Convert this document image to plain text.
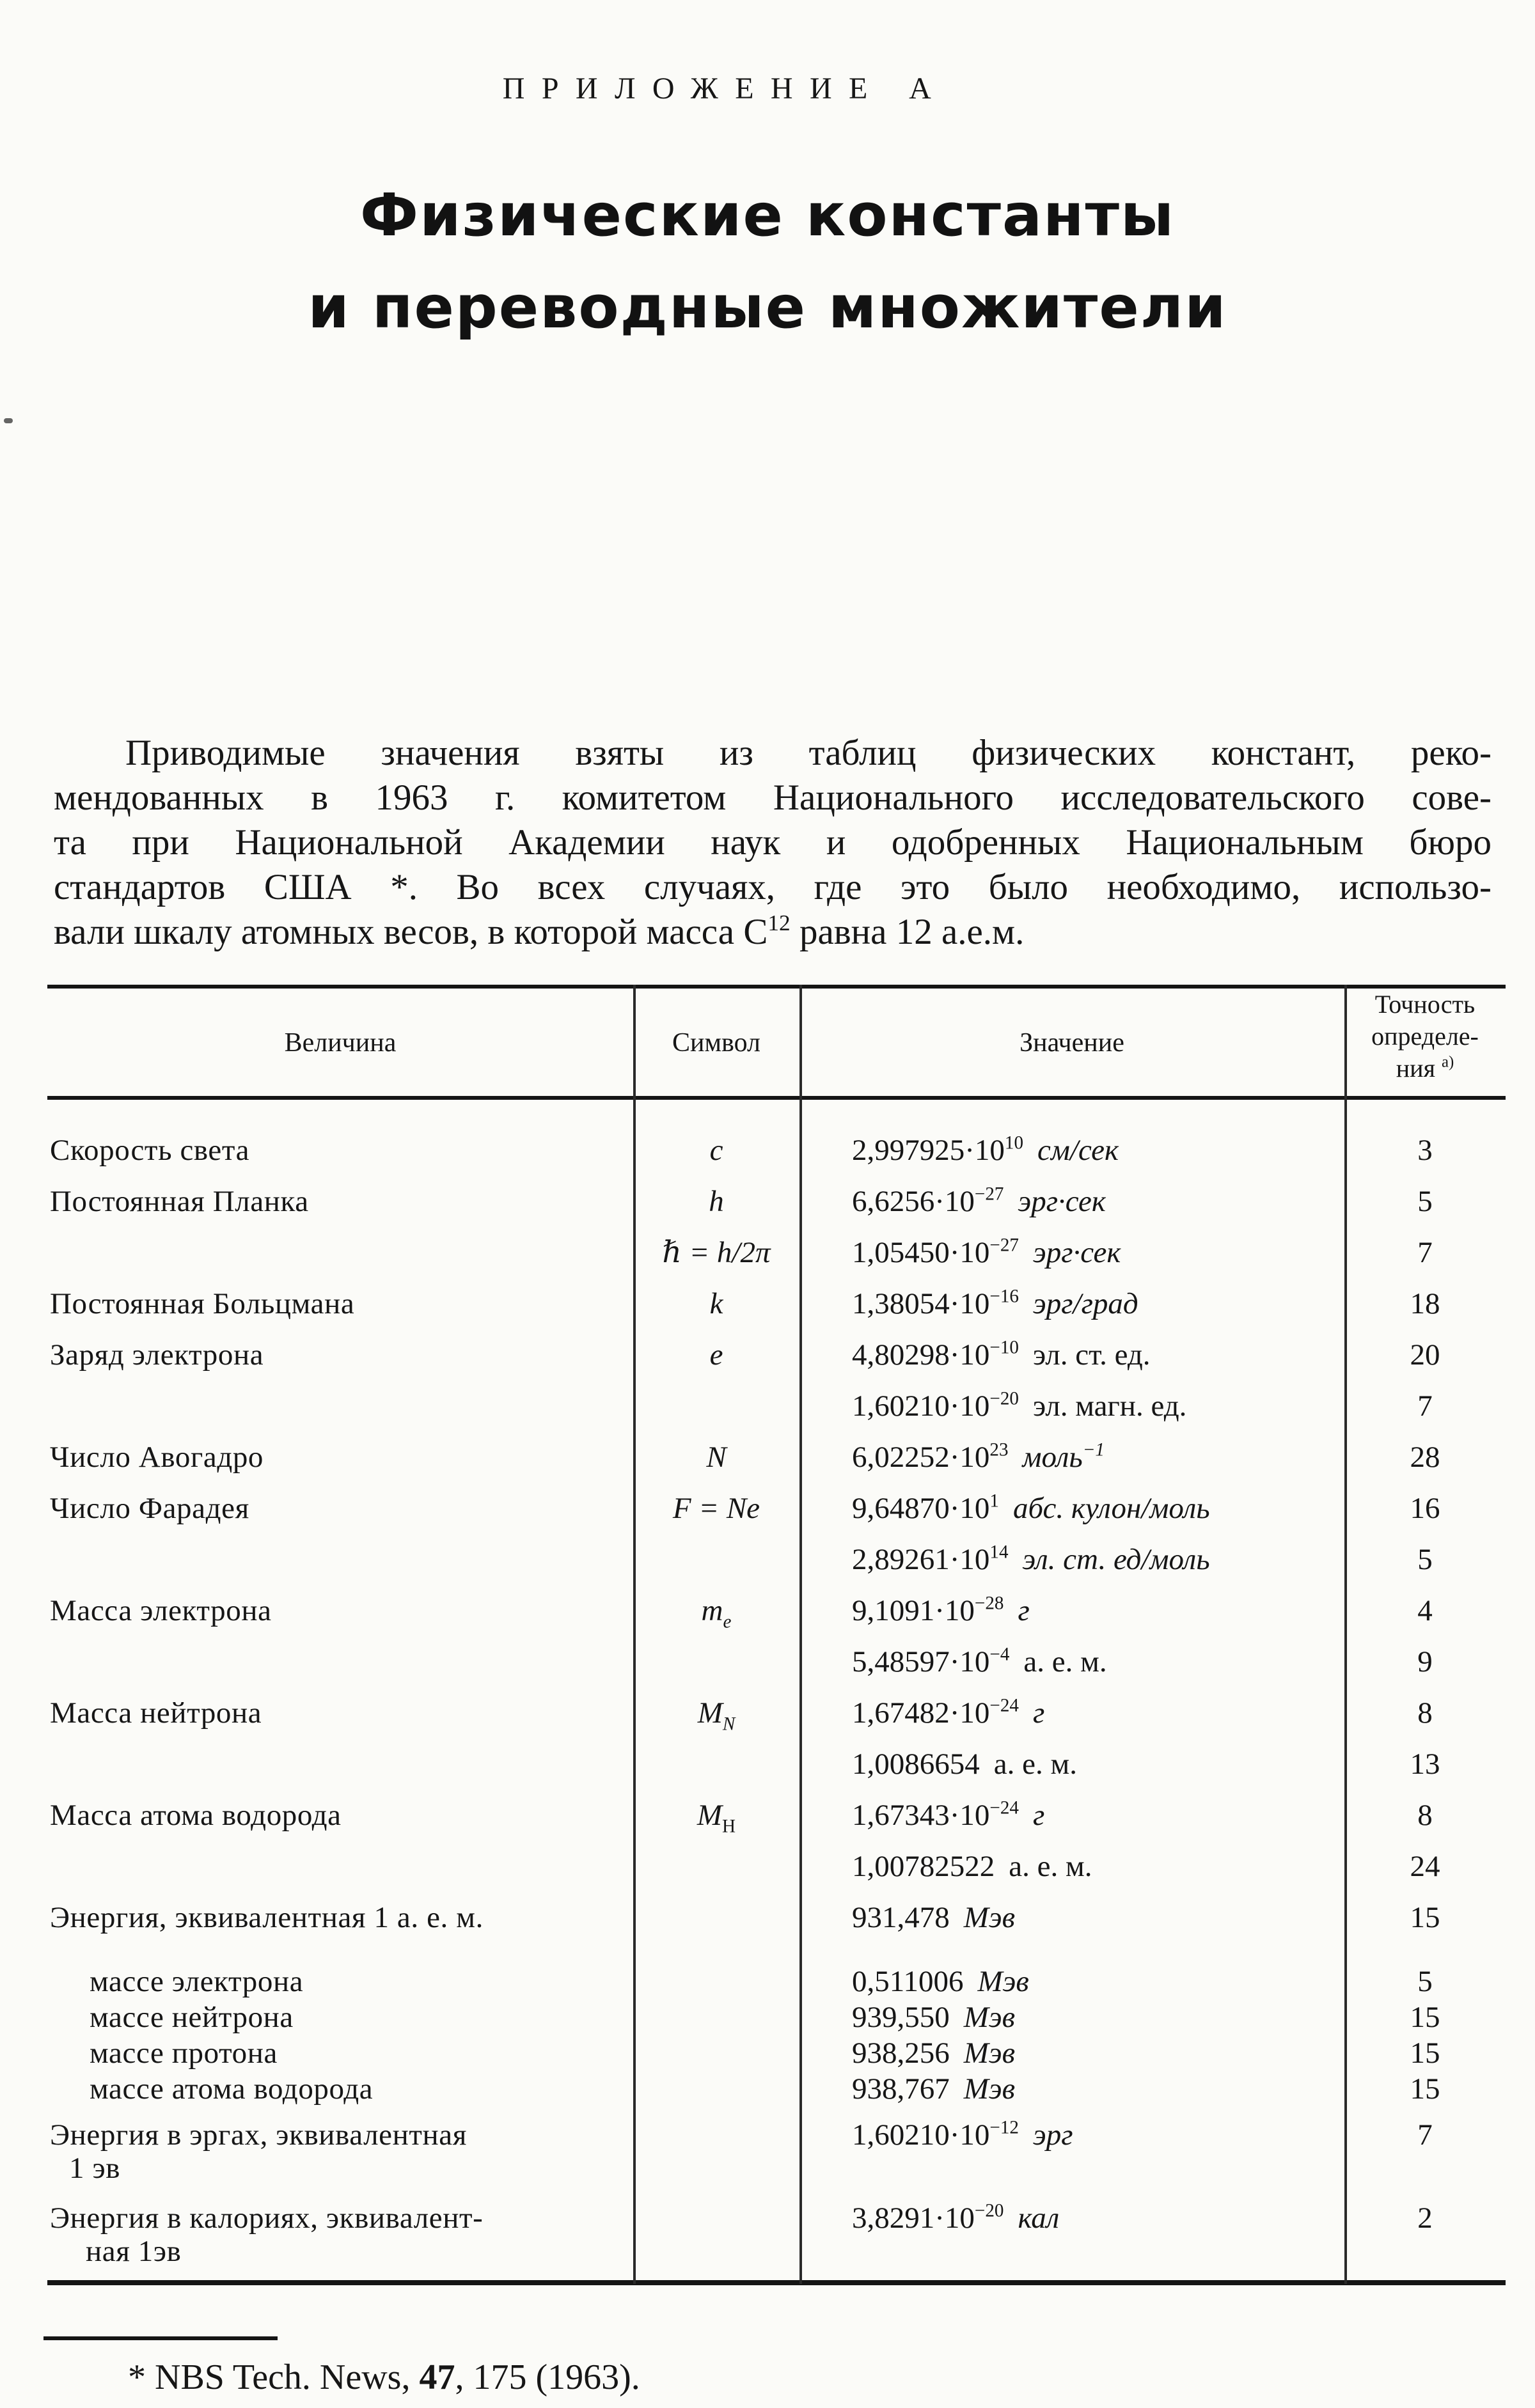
ПРИЛОЖЕНИЕ А
Физические константы
и переводные множители
Приводимые значения взяты из таблиц физических констант, реко-
мендованных в 1963 г. комитетом Национального исследовательского сове-
та при Национальной Академии наук и одобренных Национальным бюро
стандартов США *. Во всех случаях, где это было необходимо, использо-
вали шкалу атомных весов, в которой масса $С^{12}$ равна 12 а.е.м.
Величина	Символ	Значение
Точность
определе-
ния $^{а)}$
Скорость света	c	$2,997925\cdot 10^{10}$ см/сек	3
Постоянная Планка	h	$6,6256\cdot 10^{-27}$ эрг·сек	5
ℏ = h/2π	$1,05450\cdot 10^{-27}$ эрг·сек	7
Постоянная Больцмана	k	$1,38054\cdot 10^{-16}$ эрг/град	18
Заряд электрона	e	$4,80298\cdot 10^{-10}$ эл. ст. ед.	20
$1,60210\cdot 10^{-20}$ эл. магн. ед.	7
Число Авогадро	N	$6,02252\cdot 10^{23}$ моль$^{-1}$	28
Число Фарадея	F = Ne	$9,64870\cdot 10^1$ абс. кулон/моль	16
$2,89261\cdot 10^{14}$ эл. ст. ед/моль	5
Масса электрона	$m_e$	$9,1091\cdot 10^{-28}$ г	4
$5,48597\cdot 10^{-4}$ а. е. м.	9
Масса нейтрона	$M_N$	$1,67482\cdot 10^{-24}$ г	8
1,0086654 а. е. м.	13
Масса атома водорода	$M_H$	$1,67343\cdot 10^{-24}$ г	8
1,00782522 а. е. м.	24
Энергия, эквивалентная 1 а. е. м.	931,478 Мэв	15
массе электрона	0,511006 Мэв	5
массе нейтрона	939,550 Мэв	15
массе протона	938,256 Мэв	15
массе атома водорода	938,767 Мэв	15
Энергия в эргах, эквивалентная
1 эв
$1,60210\cdot 10^{-12}$ эрг	7
Энергия в калориях, эквивалент-
ная 1эв
$3,8291\cdot 10^{-20}$ кал	2
* NBS Tech. News, 47, 175 (1963).
